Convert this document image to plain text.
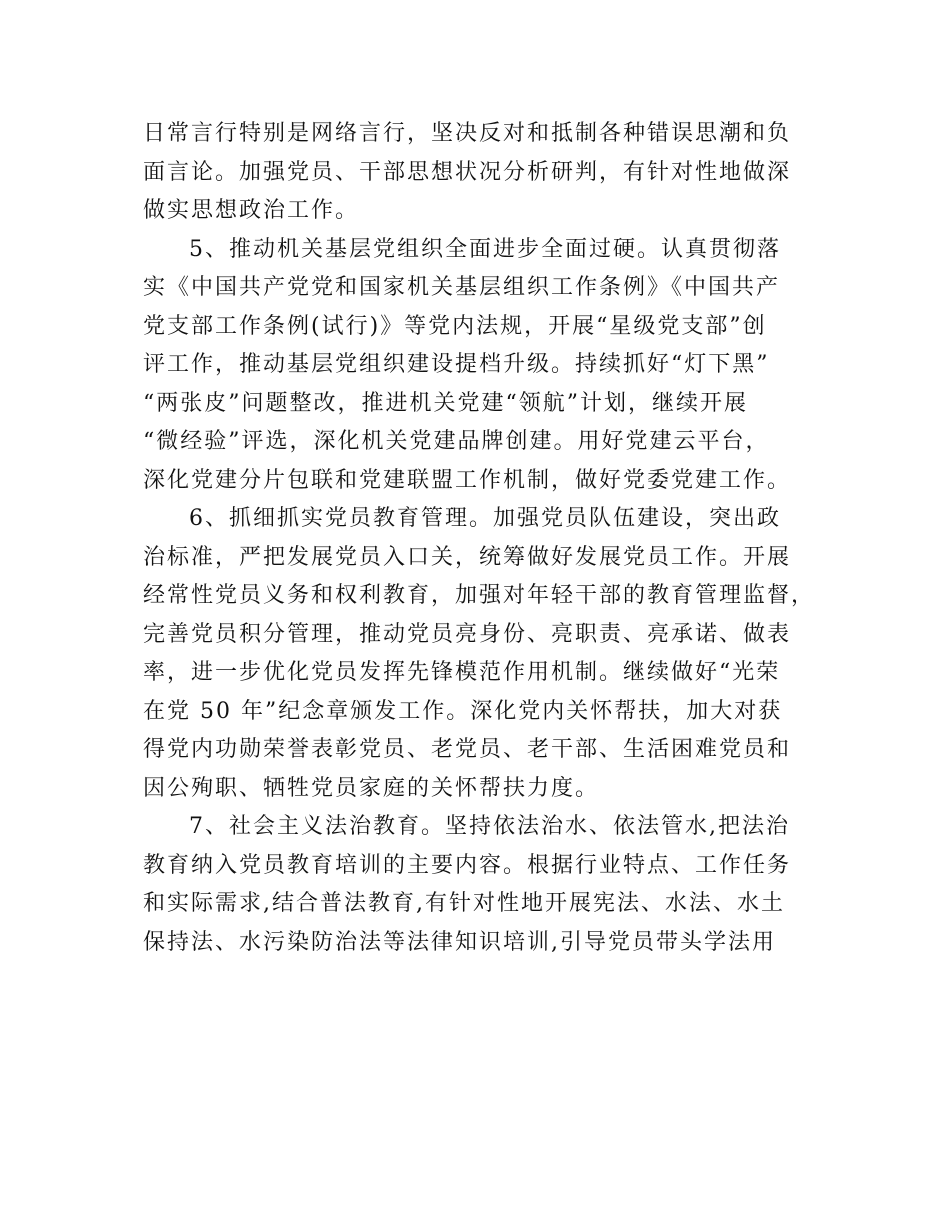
日常言行特别是网络言行，坚决反对和抵制各种错误思潮和负
面言论。加强党员、干部思想状况分析研判，有针对性地做深
做实思想政治工作。
5、推动机关基层党组织全面进步全面过硬。认真贯彻落
实《中国共产党党和国家机关基层组织工作条例》《中国共产
党支部工作条例(试行)》等党内法规，开展“星级党支部”创
评工作，推动基层党组织建设提档升级。持续抓好“灯下黑”
“两张皮”问题整改，推进机关党建“领航”计划，继续开展
“微经验”评选，深化机关党建品牌创建。用好党建云平台，
深化党建分片包联和党建联盟工作机制，做好党委党建工作。
6、抓细抓实党员教育管理。加强党员队伍建设，突出政
治标准，严把发展党员入口关，统筹做好发展党员工作。开展
经常性党员义务和权利教育，加强对年轻干部的教育管理监督，
完善党员积分管理，推动党员亮身份、亮职责、亮承诺、做表
率，进一步优化党员发挥先锋模范作用机制。继续做好“光荣
在党 50 年”纪念章颁发工作。深化党内关怀帮扶，加大对获
得党内功勋荣誉表彰党员、老党员、老干部、生活困难党员和
因公殉职、牺牲党员家庭的关怀帮扶力度。
7、社会主义法治教育。坚持依法治水、依法管水,把法治
教育纳入党员教育培训的主要内容。根据行业特点、工作任务
和实际需求,结合普法教育,有针对性地开展宪法、水法、水土
保持法、水污染防治法等法律知识培训,引导党员带头学法用
